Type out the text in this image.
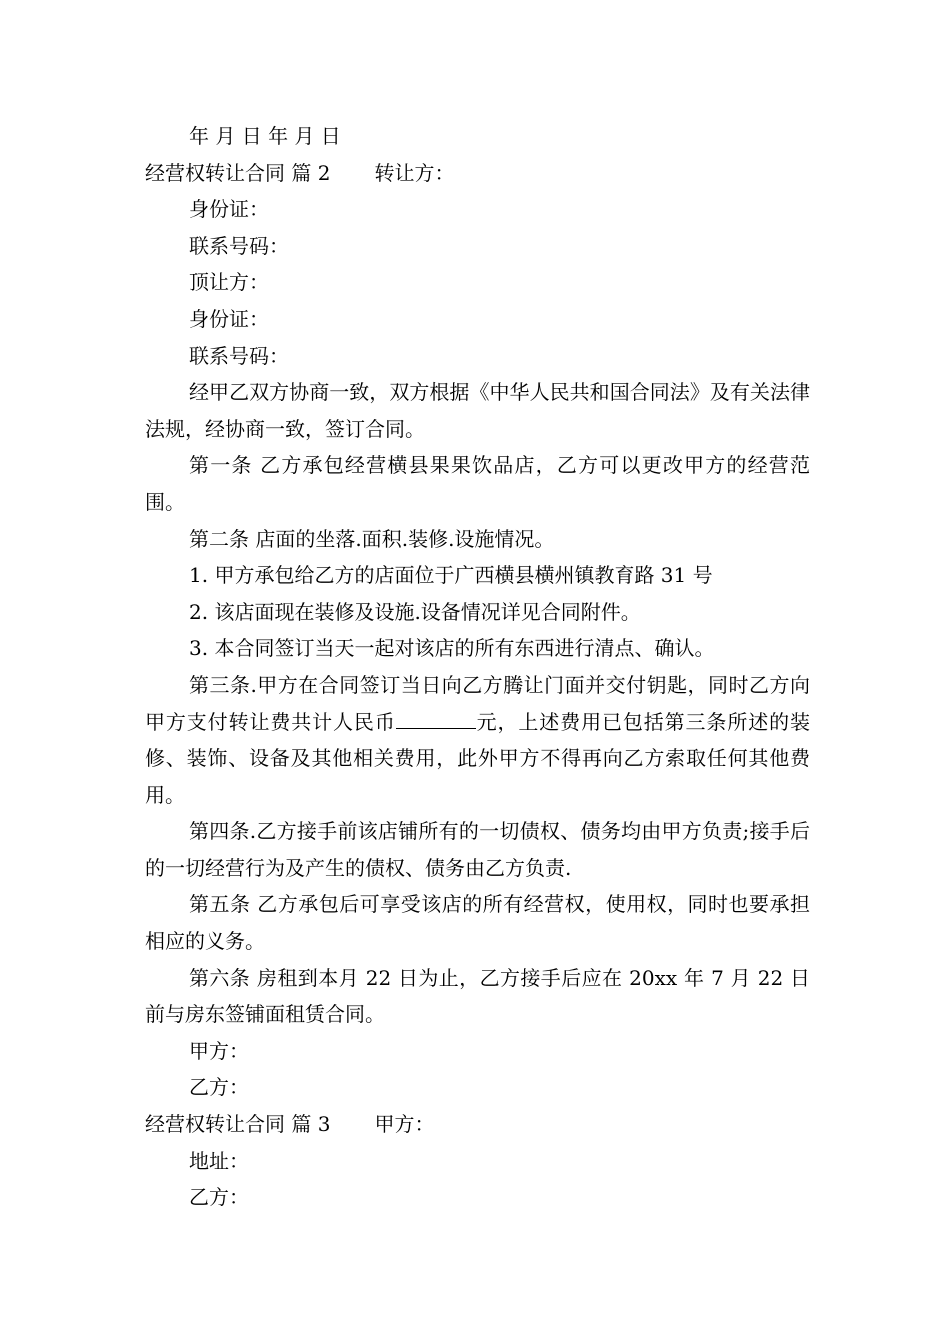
年 月 日 年 月 日

经营权转让合同 篇 2 转让方：

身份证：

联系号码：

顶让方：

身份证：

联系号码：

经甲乙双方协商一致，双方根据《中华人民共和国合同法》及有关法律法规，经协商一致，签订合同。

第一条 乙方承包经营横县果果饮品店，乙方可以更改甲方的经营范围。

第二条 店面的坐落.面积.装修.设施情况。

1. 甲方承包给乙方的店面位于广西横县横州镇教育路 31 号

2. 该店面现在装修及设施.设备情况详见合同附件。

3. 本合同签订当天一起对该店的所有东西进行清点、确认。

第三条.甲方在合同签订当日向乙方腾让门面并交付钥匙，同时乙方向甲方支付转让费共计人民币	元，上述费用已包括第三条所述的装修、装饰、设备及其他相关费用，此外甲方不得再向乙方索取任何其他费用。

第四条.乙方接手前该店铺所有的一切债权、债务均由甲方负责;接手后的一切经营行为及产生的债权、债务由乙方负责.

第五条 乙方承包后可享受该店的所有经营权，使用权，同时也要承担相应的义务。

第六条 房租到本月 22 日为止，乙方接手后应在 20xx 年 7 月 22 日前与房东签铺面租赁合同。

甲方：

乙方：

经营权转让合同 篇 3 甲方：

地址：

乙方：
